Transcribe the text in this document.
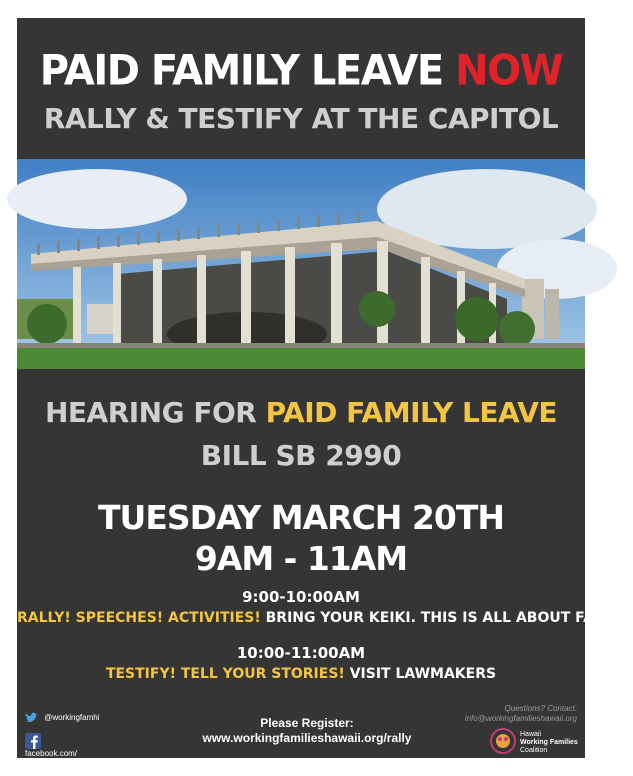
PAID FAMILY LEAVE NOW
RALLY & TESTIFY AT THE CAPITOL
HEARING FOR PAID FAMILY LEAVE
BILL SB 2990
TUESDAY MARCH 20TH
9AM - 11AM
9:00-10:00AM
RALLY! SPEECHES! ACTIVITIES! BRING YOUR KEIKI. THIS IS ALL ABOUT FAMILY.
10:00-11:00AM
TESTIFY! TELL YOUR STORIES! VISIT LAWMAKERS
@workingfamhi
facebook.com/
workingfamhi
Please Register:
www.workingfamilieshawaii.org/rally
Questions? Contact:
info@workingfamilieshawaii.org
Hawaii
Working Families
Coalition
